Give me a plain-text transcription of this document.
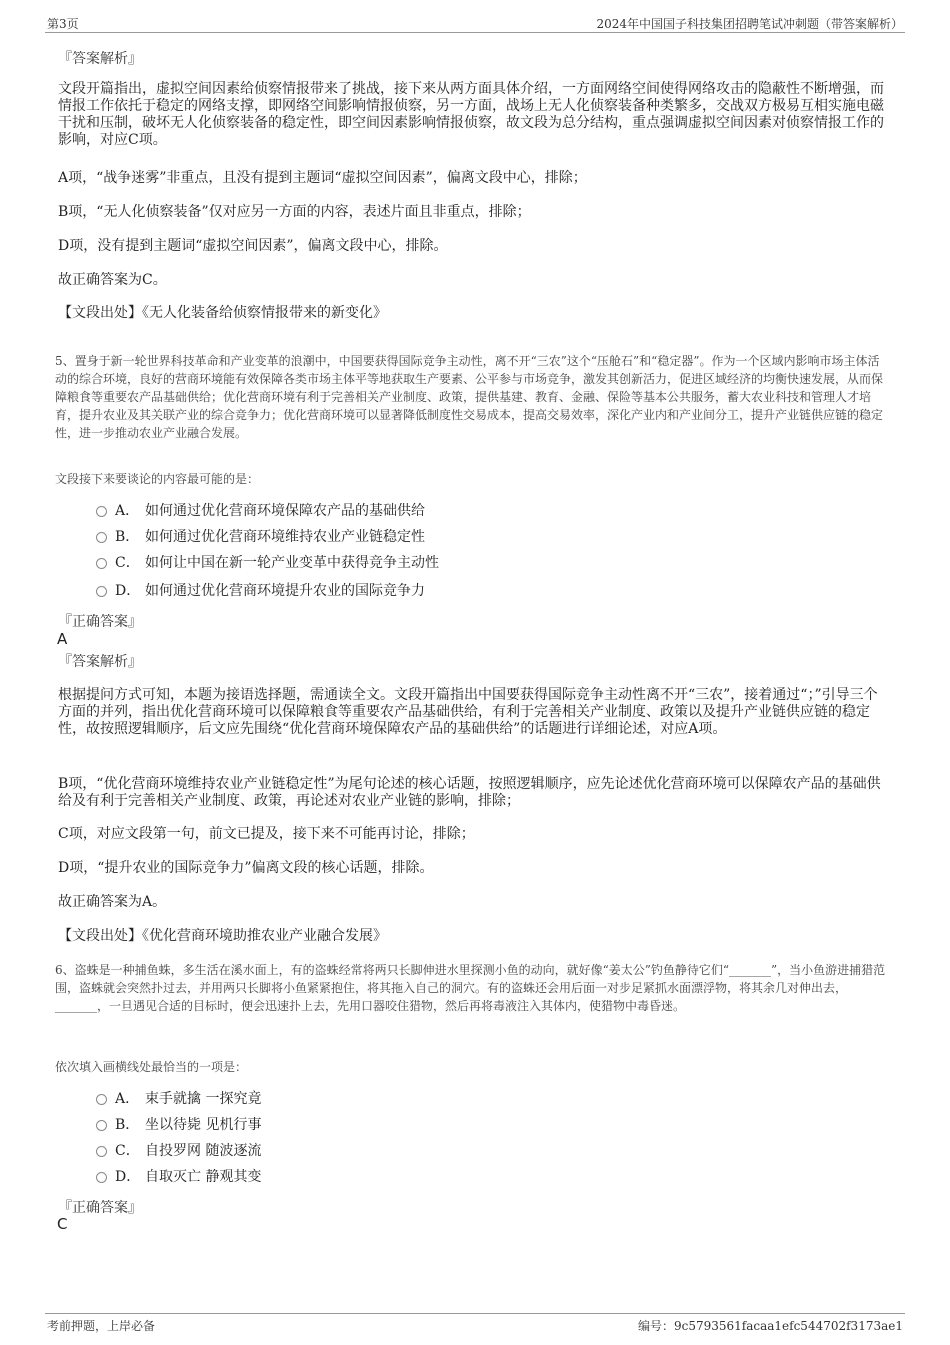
第3页	2024年中国国子科技集团招聘笔试冲刺题（带答案解析）
『答案解析』
文段开篇指出，虚拟空间因素给侦察情报带来了挑战，接下来从两方面具体介绍，一方面网络空间使得网络攻击的隐蔽性不断增强，而情报工作依托于稳定的网络支撑，即网络空间影响情报侦察，另一方面，战场上无人化侦察装备种类繁多，交战双方极易互相实施电磁干扰和压制，破坏无人化侦察装备的稳定性，即空间因素影响情报侦察，故文段为总分结构，重点强调虚拟空间因素对侦察情报工作的影响，对应C项。
A项，“战争迷雾”非重点，且没有提到主题词“虚拟空间因素”，偏离文段中心，排除；
B项，“无人化侦察装备”仅对应另一方面的内容，表述片面且非重点，排除；
D项，没有提到主题词“虚拟空间因素”，偏离文段中心，排除。
故正确答案为C。
【文段出处】《无人化装备给侦察情报带来的新变化》
5、置身于新一轮世界科技革命和产业变革的浪潮中，中国要获得国际竞争主动性，离不开“三农”这个“压舱石”和“稳定器”。作为一个区域内影响市场主体活动的综合环境，良好的营商环境能有效保障各类市场主体平等地获取生产要素、公平参与市场竞争，激发其创新活力，促进区域经济的均衡快速发展，从而保障粮食等重要农产品基础供给；优化营商环境有利于完善相关产业制度、政策，提供基建、教育、金融、保险等基本公共服务，蓄大农业科技和管理人才培育，提升农业及其关联产业的综合竞争力；优化营商环境可以显著降低制度性交易成本，提高交易效率，深化产业内和产业间分工，提升产业链供应链的稳定性，进一步推动农业产业融合发展。
文段接下来要谈论的内容最可能的是：
A． 如何通过优化营商环境保障农产品的基础供给
B． 如何通过优化营商环境维持农业产业链稳定性
C． 如何让中国在新一轮产业变革中获得竞争主动性
D． 如何通过优化营商环境提升农业的国际竞争力
『正确答案』
A
『答案解析』
根据提问方式可知，本题为接语选择题，需通读全文。文段开篇指出中国要获得国际竞争主动性离不开“三农”，接着通过“；”引导三个方面的并列，指出优化营商环境可以保障粮食等重要农产品基础供给，有利于完善相关产业制度、政策以及提升产业链供应链的稳定性，故按照逻辑顺序，后文应先围绕“优化营商环境保障农产品的基础供给”的话题进行详细论述，对应A项。
B项，“优化营商环境维持农业产业链稳定性”为尾句论述的核心话题，按照逻辑顺序，应先论述优化营商环境可以保障农产品的基础供给及有利于完善相关产业制度、政策，再论述对农业产业链的影响，排除；
C项，对应文段第一句，前文已提及，接下来不可能再讨论，排除；
D项，“提升农业的国际竞争力”偏离文段的核心话题，排除。
故正确答案为A。
【文段出处】《优化营商环境助推农业产业融合发展》
6、盗蛛是一种捕鱼蛛，多生活在溪水面上，有的盗蛛经常将两只长脚伸进水里探测小鱼的动向，就好像“姜太公”钓鱼静待它们“_______”，当小鱼游进捕猎范围，盗蛛就会突然扑过去，并用两只长脚将小鱼紧紧抱住，将其拖入自己的洞穴。有的盗蛛还会用后面一对步足紧抓水面漂浮物，将其余几对伸出去，_______，一旦遇见合适的目标时，便会迅速扑上去，先用口器咬住猎物，然后再将毒液注入其体内，使猎物中毒昏迷。
依次填入画横线处最恰当的一项是：
A． 束手就擒 一探究竟
B． 坐以待毙 见机行事
C． 自投罗网 随波逐流
D． 自取灭亡 静观其变
『正确答案』
C
考前押题，上岸必备	编号：9c5793561facaa1efc544702f3173ae1
